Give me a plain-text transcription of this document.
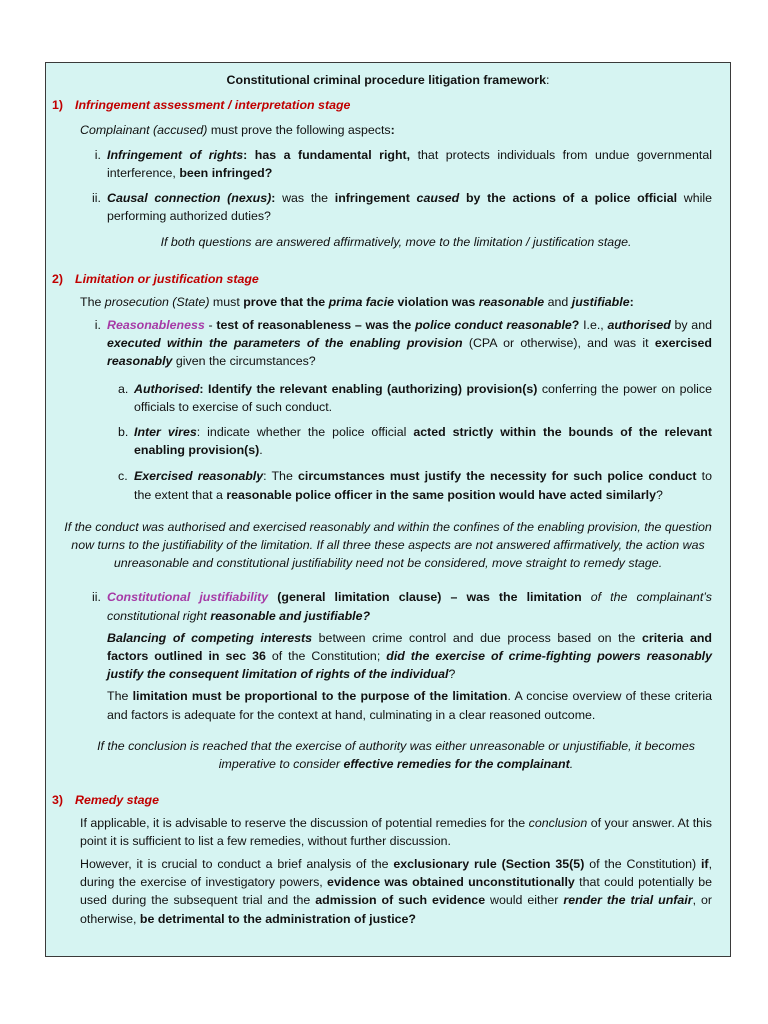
Constitutional criminal procedure litigation framework:
1) Infringement assessment / interpretation stage
Complainant (accused) must prove the following aspects:
i. Infringement of rights: has a fundamental right, that protects individuals from undue governmental interference, been infringed?
ii. Causal connection (nexus): was the infringement caused by the actions of a police official while performing authorized duties?
If both questions are answered affirmatively, move to the limitation / justification stage.
2) Limitation or justification stage
The prosecution (State) must prove that the prima facie violation was reasonable and justifiable:
i. Reasonableness - test of reasonableness – was the police conduct reasonable? I.e., authorised by and executed within the parameters of the enabling provision (CPA or otherwise), and was it exercised reasonably given the circumstances?
a. Authorised: Identify the relevant enabling (authorizing) provision(s) conferring the power on police officials to exercise of such conduct.
b. Inter vires: indicate whether the police official acted strictly within the bounds of the relevant enabling provision(s).
c. Exercised reasonably: The circumstances must justify the necessity for such police conduct to the extent that a reasonable police officer in the same position would have acted similarly?
If the conduct was authorised and exercised reasonably and within the confines of the enabling provision, the question now turns to the justifiability of the limitation. If all three these aspects are not answered affirmatively, the action was unreasonable and constitutional justifiability need not be considered, move straight to remedy stage.
ii. Constitutional justifiability (general limitation clause) – was the limitation of the complainant’s constitutional right reasonable and justifiable?
Balancing of competing interests between crime control and due process based on the criteria and factors outlined in sec 36 of the Constitution; did the exercise of crime-fighting powers reasonably justify the consequent limitation of rights of the individual?
The limitation must be proportional to the purpose of the limitation. A concise overview of these criteria and factors is adequate for the context at hand, culminating in a clear reasoned outcome.
If the conclusion is reached that the exercise of authority was either unreasonable or unjustifiable, it becomes imperative to consider effective remedies for the complainant.
3) Remedy stage
If applicable, it is advisable to reserve the discussion of potential remedies for the conclusion of your answer. At this point it is sufficient to list a few remedies, without further discussion.
However, it is crucial to conduct a brief analysis of the exclusionary rule (Section 35(5) of the Constitution) if, during the exercise of investigatory powers, evidence was obtained unconstitutionally that could potentially be used during the subsequent trial and the admission of such evidence would either render the trial unfair, or otherwise, be detrimental to the administration of justice?
